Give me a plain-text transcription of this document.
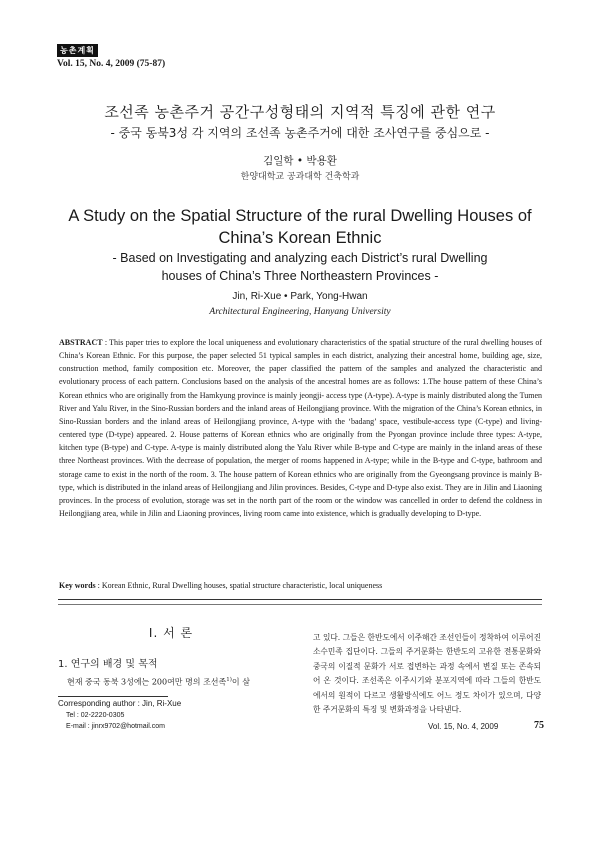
농촌계획
Vol. 15, No. 4, 2009 (75-87)
조선족 농촌주거 공간구성형태의 지역적 특징에 관한 연구
- 중국 동북3성 각 지역의 조선족 농촌주거에 대한 조사연구를 중심으로 -
김일학 • 박용환
한양대학교 공과대학 건축학과
A Study on the Spatial Structure of the rural Dwelling Houses of
China’s Korean Ethnic
- Based on Investigating and analyzing each District’s rural Dwelling
houses of China’s Three Northeastern Provinces -
Jin, Ri-Xue • Park, Yong-Hwan
Architectural Engineering, Hanyang University
ABSTRACT : This paper tries to explore the local uniqueness and evolutionary characteristics of the spatial structure of the rural dwelling houses of China’s Korean Ethnic. For this purpose, the paper selected 51 typical samples in each district, analyzing their ancestral home, building age, size, construction method, family composition etc. Moreover, the paper classified the pattern of the samples and analyzed the characteristic and evolutionary process of each pattern. Conclusions based on the analysis of the ancestral homes are as follows: 1.The house pattern of these China’s Korean ethnics who are originally from the Hamkyung province is mainly jeongji- access type (A-type). A-type is mainly distributed along the Tumen River and Yalu River, in the Sino-Russian borders and the inland areas of Heilongjiang province. With the migration of the China’s Korean ethnics, in Sino-Russian borders and the inland areas of Heilongjiang province, A-type with the ‘badang’ space, vestibule-access type (C-type) and living-centered type (D-type) appeared. 2. House patterns of Korean ethnics who are originally from the Pyongan province include three types: A-type, kitchen type (B-type) and C-type. A-type is mainly distributed along the Yalu River while B-type and C-type are mainly in the inland areas of these three Northeast provinces. With the decrease of population, the merger of rooms happened in A-type; while in the B-type and C-type, bathroom and storage came to exist in the north of the room. 3. The house pattern of Korean ethnics who are originally from the Gyeongsang province is mainly B-type, which is distributed in the inland areas of Heilongjiang and Jilin provinces. Besides, C-type and D-type also exist. They are in Jilin and Liaoning provinces. In the process of evolution, storage was set in the north part of the room or the window was cancelled in order to defend the coldness in Heilongjiang area, while in Jilin and Liaoning provinces, living room came into existence, which is gradually developing to D-type.
Key words : Korean Ethnic, Rural Dwelling houses, spatial structure characteristic, local uniqueness
Ⅰ. 서 론
1. 연구의 배경 및 목적
현재 중국 동북 3성에는 200여만 명의 조선족$^{1)}$이 살
Corresponding author : Jin, Ri-Xue
Tel : 02-2220-0305
E-mail : jinrx9702@hotmail.com
고 있다. 그들은 한반도에서 이주해간 조선인들이 정착하여 이루어진 소수민족 집단이다. 그들의 주거문화는 한반도의 고유한 전통문화와 중국의 이질적 문화가 서로 접변하는 과정 속에서 변질 또는 존속되어 온 것이다. 조선족은 이주시기와 분포지역에 따라 그들의 한반도에서의 원적이 다르고 생활방식에도 어느 정도 차이가 있으며, 다양한 주거문화의 특징 및 변화과정을 나타낸다.
Vol. 15, No. 4, 2009	75
